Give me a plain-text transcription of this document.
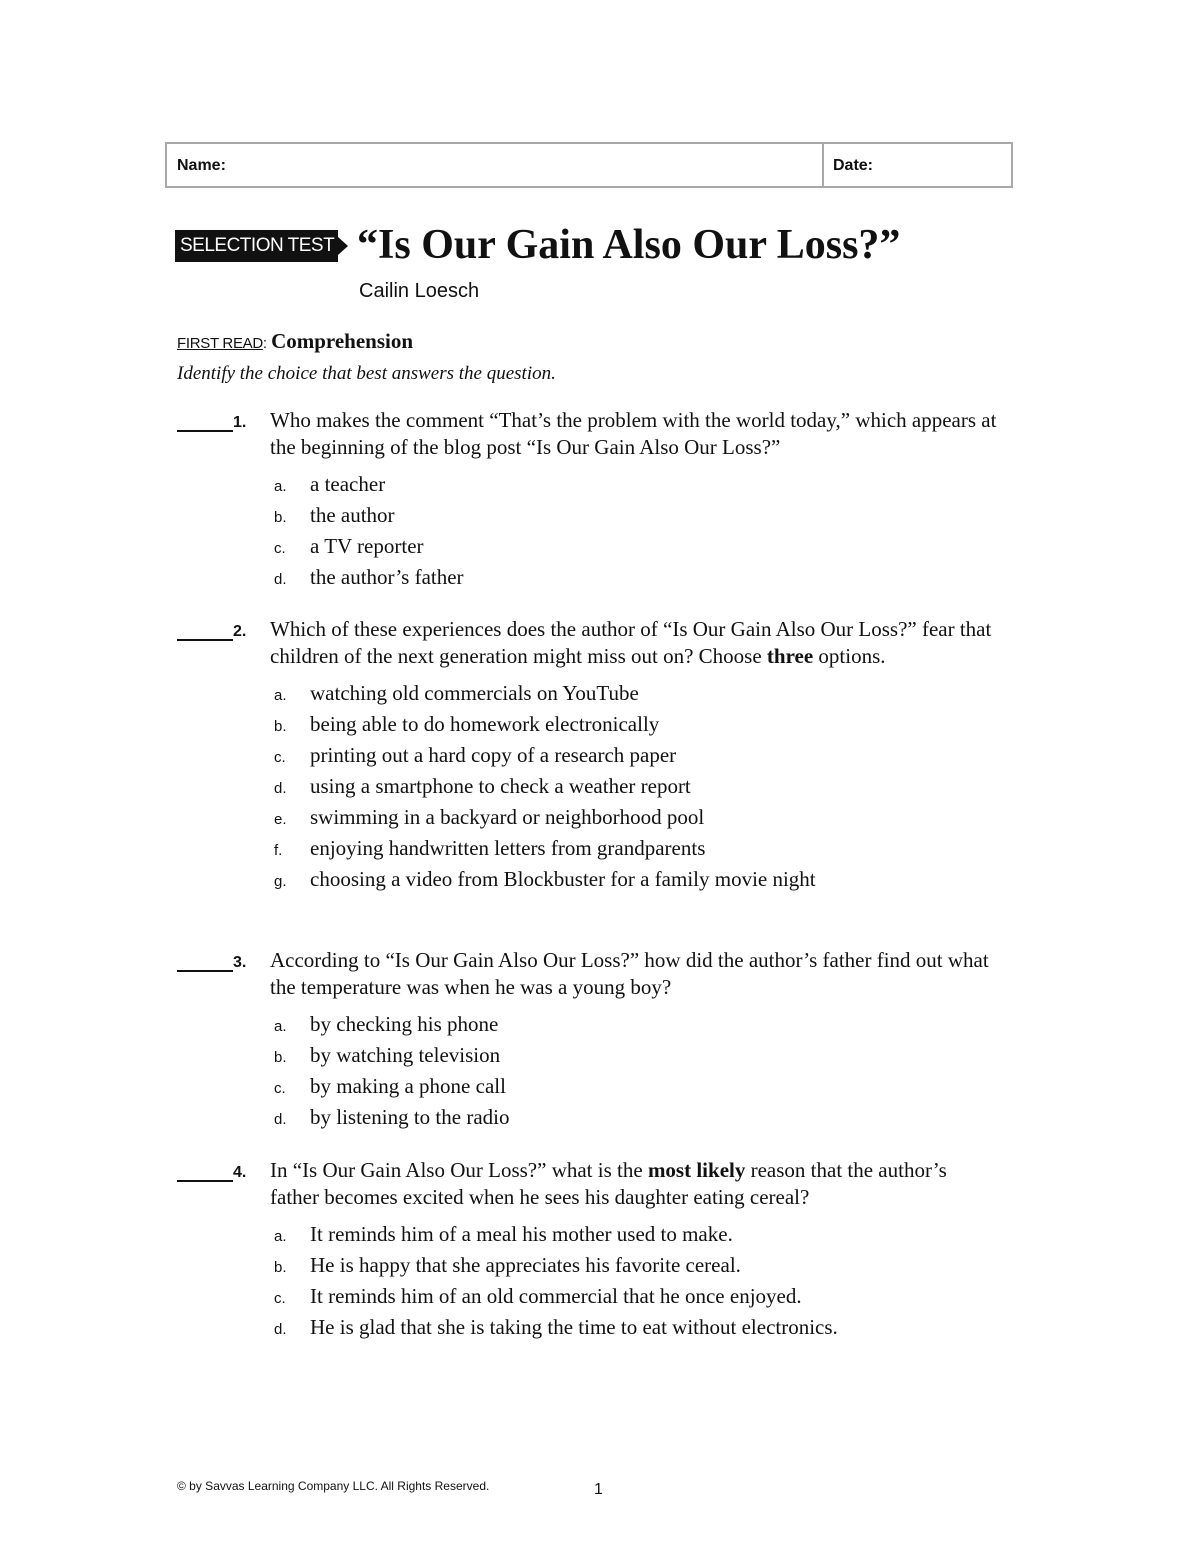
Name:	Date:
SELECTION TEST “Is Our Gain Also Our Loss?”
Cailin Loesch
FIRST READ: Comprehension
Identify the choice that best answers the question.
1.	Who makes the comment “That’s the problem with the world today,” which appears at the beginning of the blog post “Is Our Gain Also Our Loss?”
a.	a teacher
b.	the author
c.	a TV reporter
d.	the author’s father
2.	Which of these experiences does the author of “Is Our Gain Also Our Loss?” fear that children of the next generation might miss out on? Choose three options.
a.	watching old commercials on YouTube
b.	being able to do homework electronically
c.	printing out a hard copy of a research paper
d.	using a smartphone to check a weather report
e.	swimming in a backyard or neighborhood pool
f.	enjoying handwritten letters from grandparents
g.	choosing a video from Blockbuster for a family movie night
3.	According to “Is Our Gain Also Our Loss?” how did the author’s father find out what the temperature was when he was a young boy?
a.	by checking his phone
b.	by watching television
c.	by making a phone call
d.	by listening to the radio
4.	In “Is Our Gain Also Our Loss?” what is the most likely reason that the author’s father becomes excited when he sees his daughter eating cereal?
a.	It reminds him of a meal his mother used to make.
b.	He is happy that she appreciates his favorite cereal.
c.	It reminds him of an old commercial that he once enjoyed.
d.	He is glad that she is taking the time to eat without electronics.
© by Savvas Learning Company LLC. All Rights Reserved.	1
